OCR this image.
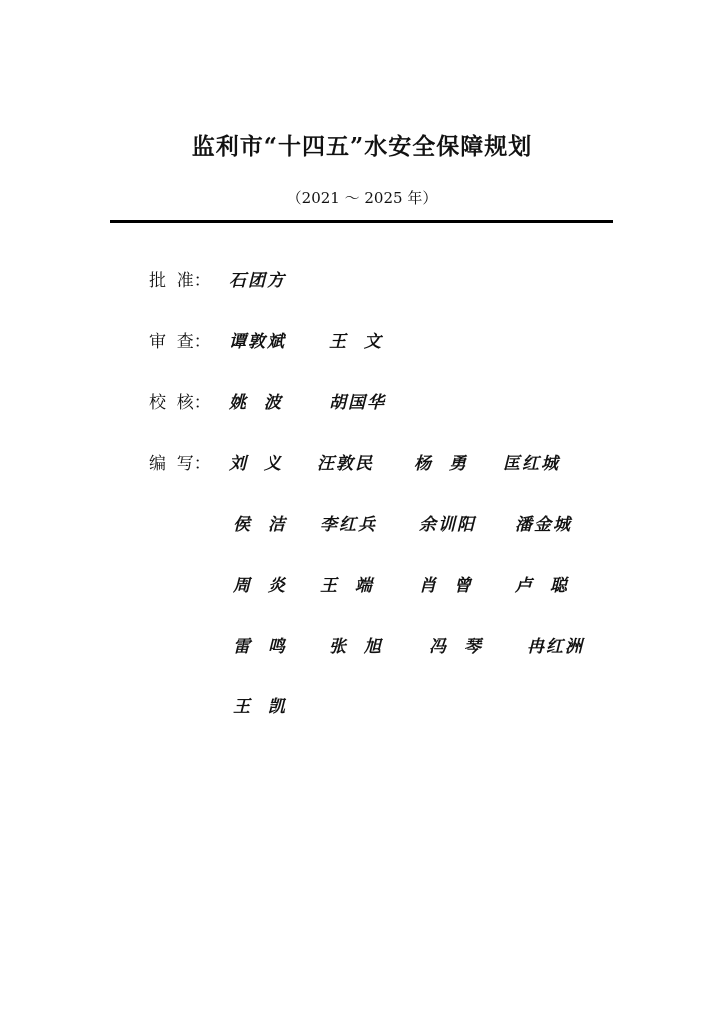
监利市“十四五”水安全保障规划
（2021 ～ 2025 年）
批  准： 石团方
审  查： 谭敦斌	王  文
校  核： 姚  波	胡国华
编  写： 刘  义 汪敦民 杨  勇 匡红城
侯  洁 李红兵 余训阳 潘金城
周  炎 王  端	肖  曾 卢  聪
雷  鸣 张  旭	冯  琴	冉红洲
王  凯
